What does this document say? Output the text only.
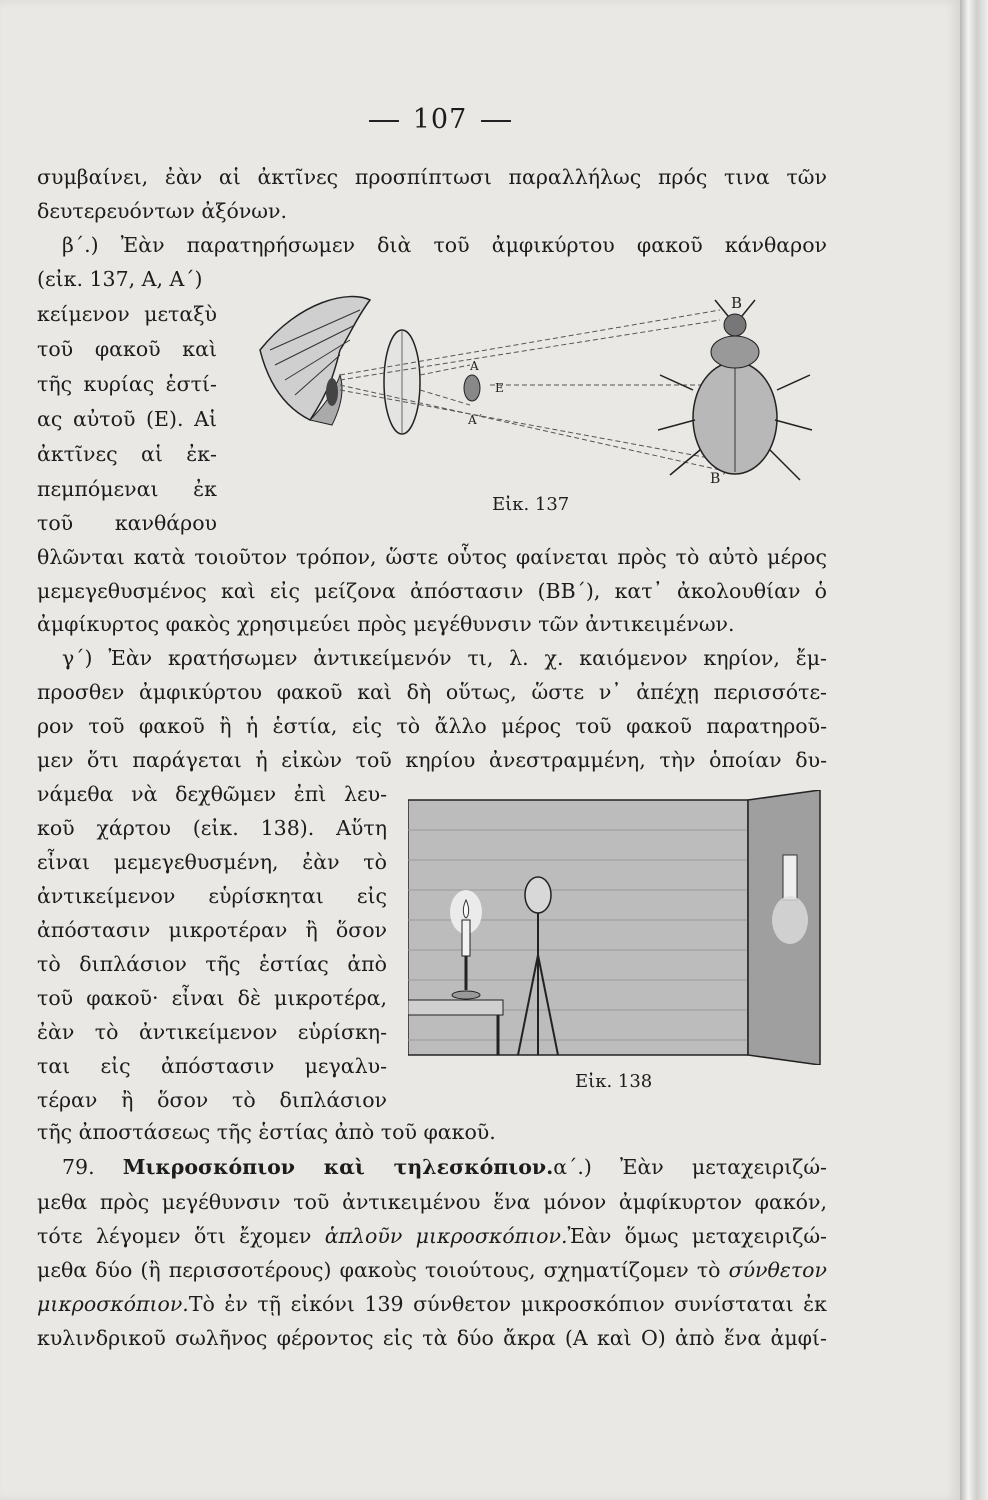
107
συμβαίνει, ἐὰν αἱ ἀκτῖνες προσπίπτωσι παραλλήλως πρός τινα τῶν
δευτερευόντων ἀξόνων.
β΄.) Ἐὰν παρατηρήσωμεν διὰ τοῦ ἀμφικύρτου φακοῦ κάνθαρον
(εἰκ. 137, Α, Α΄)
κείμενον μεταξὺ
τοῦ φακοῦ καὶ
τῆς κυρίας ἑστί-
ας αὐτοῦ (Ε). Αἱ
ἀκτῖνες αἱ ἐκ-
πεμπόμεναι ἐκ
τοῦ κανθάρου
Β
Α
Ε
Α΄
Β΄
Εἰκ. 137
θλῶνται κατὰ τοιοῦτον τρόπον, ὥστε οὗτος φαίνεται πρὸς τὸ αὐτὸ μέρος
μεμεγεθυσμένος καὶ εἰς μείζονα ἀπόστασιν (ΒΒ΄), κατ᾽ ἀκολουθίαν ὁ
ἀμφίκυρτος φακὸς χρησιμεύει πρὸς μεγέθυνσιν τῶν ἀντικειμένων.
γ΄) Ἐὰν κρατήσωμεν ἀντικείμενόν τι, λ. χ. καιόμενον κηρίον, ἔμ-
προσθεν ἀμφικύρτου φακοῦ καὶ δὴ οὕτως, ὥστε ν᾽ ἀπέχῃ περισσότε-
ρον τοῦ φακοῦ ἢ ἡ ἑστία, εἰς τὸ ἄλλο μέρος τοῦ φακοῦ παρατηροῦ-
μεν ὅτι παράγεται ἡ εἰκὼν τοῦ κηρίου ἀνεστραμμένη, τὴν ὁποίαν δυ-
νάμεθα νὰ δεχθῶμεν ἐπὶ λευ-
κοῦ χάρτου (εἰκ. 138). Αὕτη
εἶναι μεμεγεθυσμένη, ἐὰν τὸ
ἀντικείμενον εὑρίσκηται εἰς
ἀπόστασιν μικροτέραν ἢ ὅσον
τὸ διπλάσιον τῆς ἑστίας ἀπὸ
τοῦ φακοῦ· εἶναι δὲ μικροτέρα,
ἐὰν τὸ ἀντικείμενον εὑρίσκη-
ται εἰς ἀπόστασιν μεγαλυ-
τέραν ἢ ὅσον τὸ διπλάσιον
Εἰκ. 138
τῆς ἀποστάσεως τῆς ἑστίας ἀπὸ τοῦ φακοῦ.
79. Μικροσκόπιον καὶ τηλεσκόπιον.α΄.) Ἐὰν μεταχειριζώ-
μεθα πρὸς μεγέθυνσιν τοῦ ἀντικειμένου ἕνα μόνον ἀμφίκυρτον φακόν,
τότε λέγομεν ὅτι ἔχομεν ἁπλοῦν μικροσκόπιον.Ἐὰν ὅμως μεταχειριζώ-
μεθα δύο (ἢ περισσοτέρους) φακοὺς τοιούτους, σχηματίζομεν τὸ σύνθετον
μικροσκόπιον.Τὸ ἐν τῇ εἰκόνι 139 σύνθετον μικροσκόπιον συνίσταται ἐκ
κυλινδρικοῦ σωλῆνος φέροντος εἰς τὰ δύο ἄκρα (Α καὶ Ο) ἀπὸ ἕνα ἀμφί-
